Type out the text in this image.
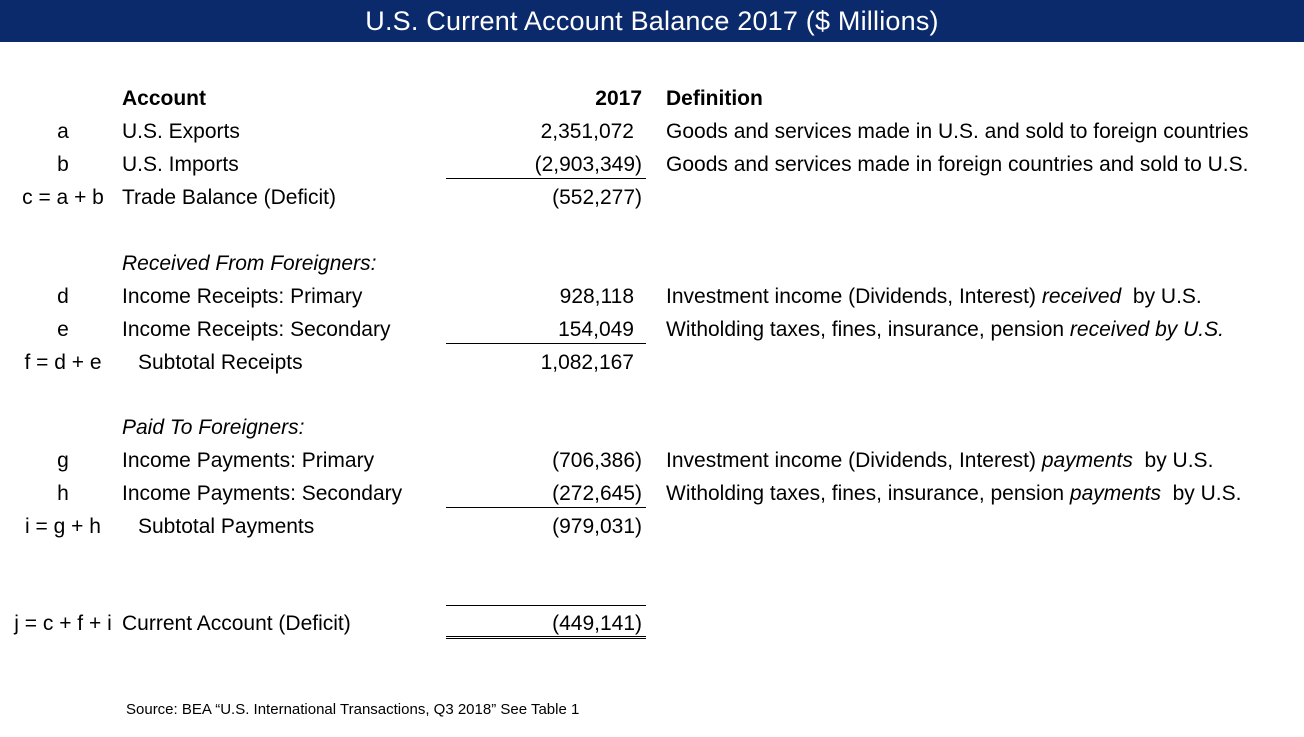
U.S. Current Account Balance 2017 ($ Millions)
Account	2017 Definition
a	U.S. Exports	2,351,072 Goods and services made in U.S. and sold to foreign countries
b	U.S. Imports	(2,903,349) Goods and services made in foreign countries and sold to U.S.
c = a + b Trade Balance (Deficit)	(552,277)
Received From Foreigners:
d	Income Receipts: Primary	928,118 Investment income (Dividends, Interest) received  by U.S.
e	Income Receipts: Secondary	154,049 Witholding taxes, fines, insurance, pension received by U.S.
f = d + e	Subtotal Receipts	1,082,167
Paid To Foreigners:
g	Income Payments: Primary	(706,386) Investment income (Dividends, Interest) payments  by U.S.
h	Income Payments: Secondary	(272,645) Witholding taxes, fines, insurance, pension payments  by U.S.
i = g + h	Subtotal Payments	(979,031)
j = c + f + i Current Account (Deficit)	(449,141)
Source: BEA “U.S. International Transactions, Q3 2018” See Table 1
